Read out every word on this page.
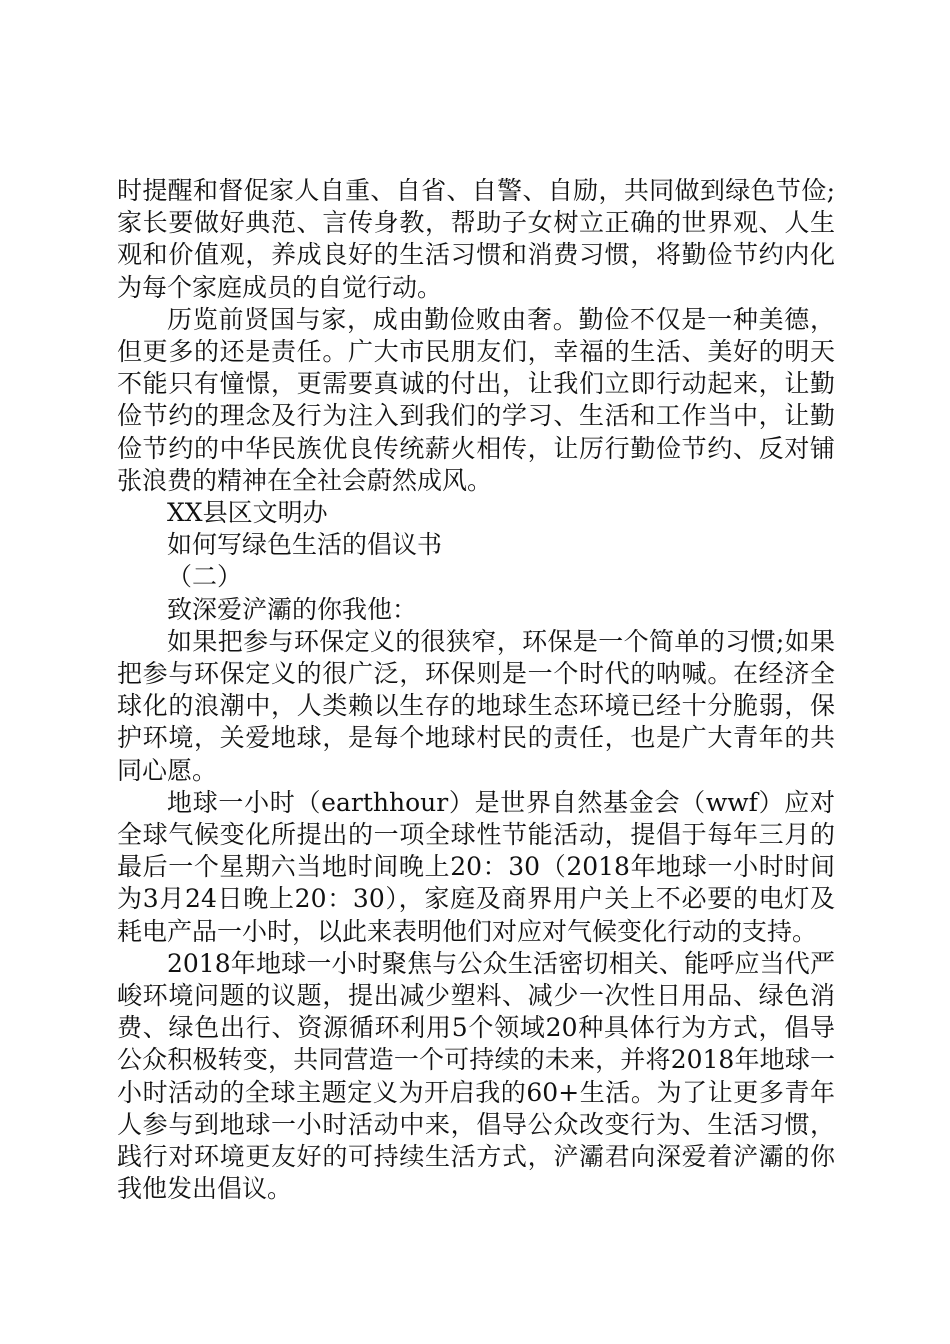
时提醒和督促家人自重、自省、自警、自励，共同做到绿色节俭;家长要做好典范、言传身教，帮助子女树立正确的世界观、人生观和价值观，养成良好的生活习惯和消费习惯，将勤俭节约内化为每个家庭成员的自觉行动。

历览前贤国与家，成由勤俭败由奢。勤俭不仅是一种美德，但更多的还是责任。广大市民朋友们，幸福的生活、美好的明天不能只有憧憬，更需要真诚的付出，让我们立即行动起来，让勤俭节约的理念及行为注入到我们的学习、生活和工作当中，让勤俭节约的中华民族优良传统薪火相传，让厉行勤俭节约、反对铺张浪费的精神在全社会蔚然成风。

XX县区文明办

如何写绿色生活的倡议书

（二）

致深爱浐灞的你我他：

如果把参与环保定义的很狭窄，环保是一个简单的习惯;如果把参与环保定义的很广泛，环保则是一个时代的呐喊。在经济全球化的浪潮中，人类赖以生存的地球生态环境已经十分脆弱，保护环境，关爱地球，是每个地球村民的责任，也是广大青年的共同心愿。

地球一小时（earthhour）是世界自然基金会（wwf）应对全球气候变化所提出的一项全球性节能活动，提倡于每年三月的最后一个星期六当地时间晚上20：30（2018年地球一小时时间为3月24日晚上20：30），家庭及商界用户关上不必要的电灯及耗电产品一小时，以此来表明他们对应对气候变化行动的支持。

2018年地球一小时聚焦与公众生活密切相关、能呼应当代严峻环境问题的议题，提出减少塑料、减少一次性日用品、绿色消费、绿色出行、资源循环利用5个领域20种具体行为方式，倡导公众积极转变，共同营造一个可持续的未来，并将2018年地球一小时活动的全球主题定义为开启我的60+生活。为了让更多青年人参与到地球一小时活动中来，倡导公众改变行为、生活习惯，践行对环境更友好的可持续生活方式，浐灞君向深爱着浐灞的你我他发出倡议。
